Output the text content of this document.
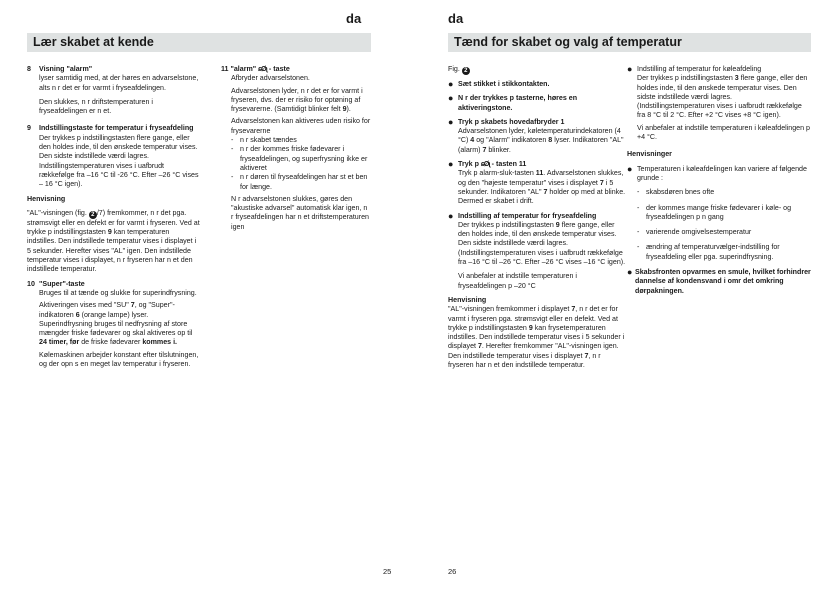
da
Lær skabet at kende
8	Visning "alarm"

lyser samtidig med, at der høres en advarselstone, alts n r det er for varmt i fryseafdelingen.

Den slukkes, n r driftstemperaturen i fryseafdelingen er n et.

9	Indstillingstaste for temperatur i fryseafdeling

Der trykkes p indstillingstasten flere gange, eller den holdes inde, til den ønskede temperatur vises. Den sidste indstillede værdi lagres.

Indstillingstemperaturen vises i uafbrudt rækkefølge fra –16 °C til -26 °C. Efter –26 °C vises – 16 °C igen).

Henvisning

"AL"-visningen (fig. 2 /7) fremkommer, n r det pga. strømsvigt eller en defekt er for varmt i fryseren. Ved at trykke p indstillingstasten 9 kan temperaturen indstilles. Den indstillede temperatur vises i displayet i 5 sekunder. Herefter vises "AL" igen. Den indstillede temperatur vises i displayet, n r fryseren har n et den indstillede temperatur.

10 "Super"-taste

Bruges til at tænde og slukke for superindfrysning.

Aktiveringen vises med "SU" 7, og "Super"-indikatoren 6 (orange lampe) lyser. Superindfrysning bruges til nedfrysning af store mængder friske fødevarer og skal aktiveres op til 24 timer, før de friske fødevarer kommes i.

Kølemaskinen arbejder konstant efter tilslutningen, og der opn s en meget lav temperatur i fryseren.

11 "alarm" ɕØʅ - taste

Afbryder advarselstonen.

Advarselstonen lyder, n r det er for varmt i fryseren, dvs. der er risiko for optøning af frysevarerne. (Samtidigt blinker felt 9).

Advarselstonen kan aktiveres uden risiko for frysevarerne

- n r skabet tændes
- n r der kommes friske fødevarer i fryseafdelingen, og superfrysning ikke er aktiveret
- n r døren til fryseafdelingen har st et ben for længe.

N r advarselstonen slukkes, gøres den "akustiske advarsel" automatisk klar igen, n r fryseafdelingen har n et driftstemperaturen igen

25
da
Tænd for skabet og valg af temperatur

Fig. 2

● Sæt stikket i stikkontakten.
● N r der trykkes p tasterne, høres en aktiveringstone.
● Tryk p skabets hovedafbryder 1
Advarselstonen lyder, køletemperaturindekatoren (4 °C) 4 og "Alarm" indikatoren 8 lyser. Indikatoren "AL" (alarm) 7 blinker.
● Tryk p ɕØʅ - tasten 11
Tryk p alarm-sluk-tasten 11. Advarselstonen slukkes, og den "højeste temperatur" vises i displayet 7 i 5 sekunder. Indikatoren "AL" 7 holder op med at blinke. Dermed er skabet i drift.
● Indstilling af temperatur for fryseafdeling
Der trykkes p indstillingstasten 9 flere gange, eller den holdes inde, til den ønskede temperatur vises. Den sidste indstillede værdi lagres. (Indstillingstemperaturen vises i uafbrudt rækkefølge fra –16 °C til –26 °C. Efter –26 °C vises –16 °C igen).

Vi anbefaler at indstille temperaturen i fryseafdelingen p –20 °C

Henvisning

"AL"-visningen fremkommer i displayet 7, n r det er for varmt i fryseren pga. strømsvigt eller en defekt. Ved at trykke p indstillingstasten 9 kan frysetemperaturen indstilles. Den indstillede temperatur vises i 5 sekunder i displayet 7. Herefter fremkommer "AL"-visningen igen. Den indstillede temperatur vises i displayet 7, n r fryseren har n et den indstillede temperatur.

● Indstilling af temperatur for køleafdeling
Der trykkes p indstillingstasten 3 flere gange, eller den holdes inde, til den ønskede temperatur vises. Den sidste indstillede værdi lagres. (Indstillingstemperaturen vises i uafbrudt rækkefølge fra 8 °C til 2 °C. Efter +2 °C vises +8 °C igen).

Vi anbefaler at indstille temperaturen i køleafdelingen p +4 °C.

Henvisninger
● Temperaturen i køleafdelingen kan variere af følgende grunde :
- skabsdøren bnes ofte
- der kommes mange friske fødevarer i køle- og fryseafdelingen p n gang
- varierende omgivelsestemperatur
- ændring af temperaturvælger-indstilling for fryseafdeling eller pga. superindfrysning.
● Skabsfronten opvarmes en smule, hvilket forhindrer dannelse af kondensvand i omr det omkring dørpakningen.
26
